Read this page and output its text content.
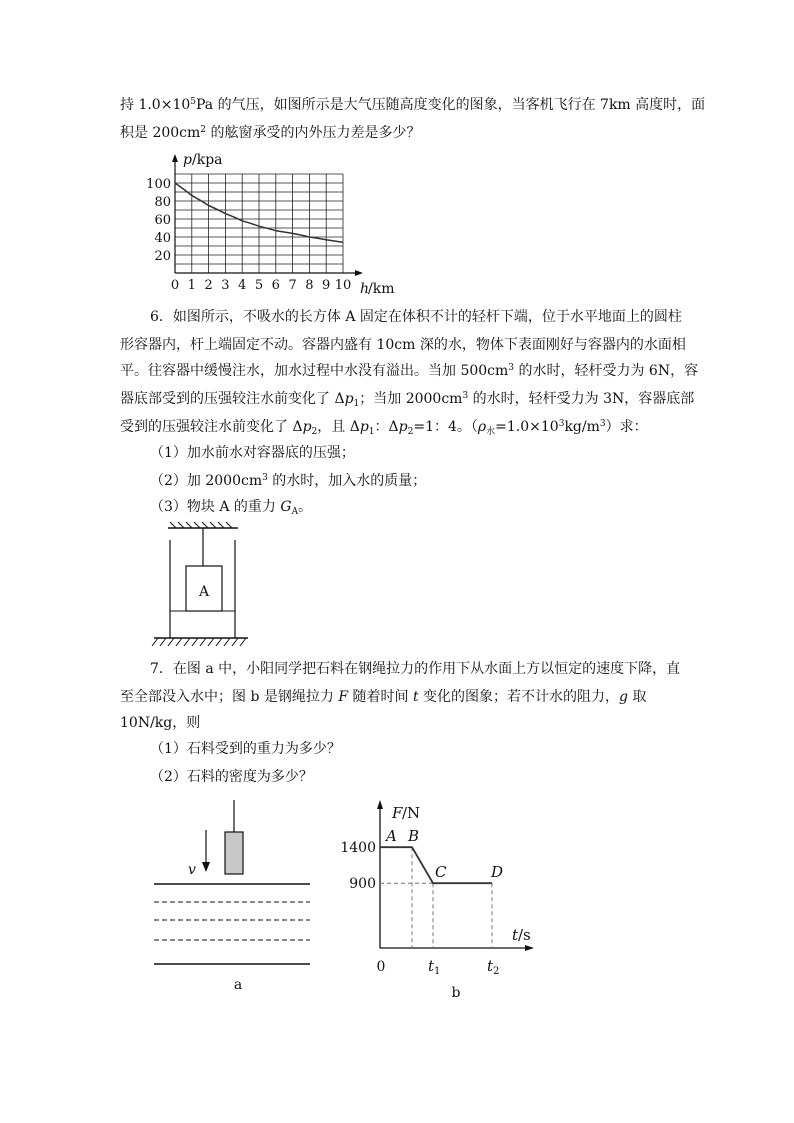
持 $1.0\times 10^5Pa$ 的气压，如图所示是大气压随高度变化的图象，当客机飞行在 7km 高度时，面
积是 $200cm^2$ 的舷窗承受的内外压力差是多少？
p /kpa
h
/km
0 1 2 3 4 5 6 7 8 9 10
20
40
60
80
100
6．如图所示，不吸水的长方体 A 固定在体积不计的轻杆下端，位于水平地面上的圆柱
形容器内，杆上端固定不动。容器内盛有 10cm 深的水，物体下表面刚好与容器内的水面相
平。往容器中缓慢注水，加水过程中水没有溢出。当加 $500cm^3$ 的水时，轻杆受力为 6N，容
器底部受到的压强较注水前变化了 $\Delta p_1$；当加 $2000cm^3$ 的水时，轻杆受力为 3N，容器底部
受到的压强较注水前变化了 $\Delta p_2$，且 $\Delta p_1$：$\Delta p_2=1$：4。$(\rho_水=1.0\times 10^3kg/m^3)$求：
（1）加水前水对容器底的压强；
（2）加 $2000cm^3$ 的水时，加入水的质量；
（3）物块 A 的重力 $G_A$。
A
7．在图 a 中，小阳同学把石料在钢绳拉力的作用下从水面上方以恒定的速度下降，直
至全部没入水中；图 b 是钢绳拉力 F 随着时间 t 变化的图象；若不计水的阻力，g 取
10N/kg，则
（1）石料受到的重力为多少？
（2）石料的密度为多少？
v
a
F /N
t /s
0
1400
900
A B
C	D
$t_1$	$t_2$
b
